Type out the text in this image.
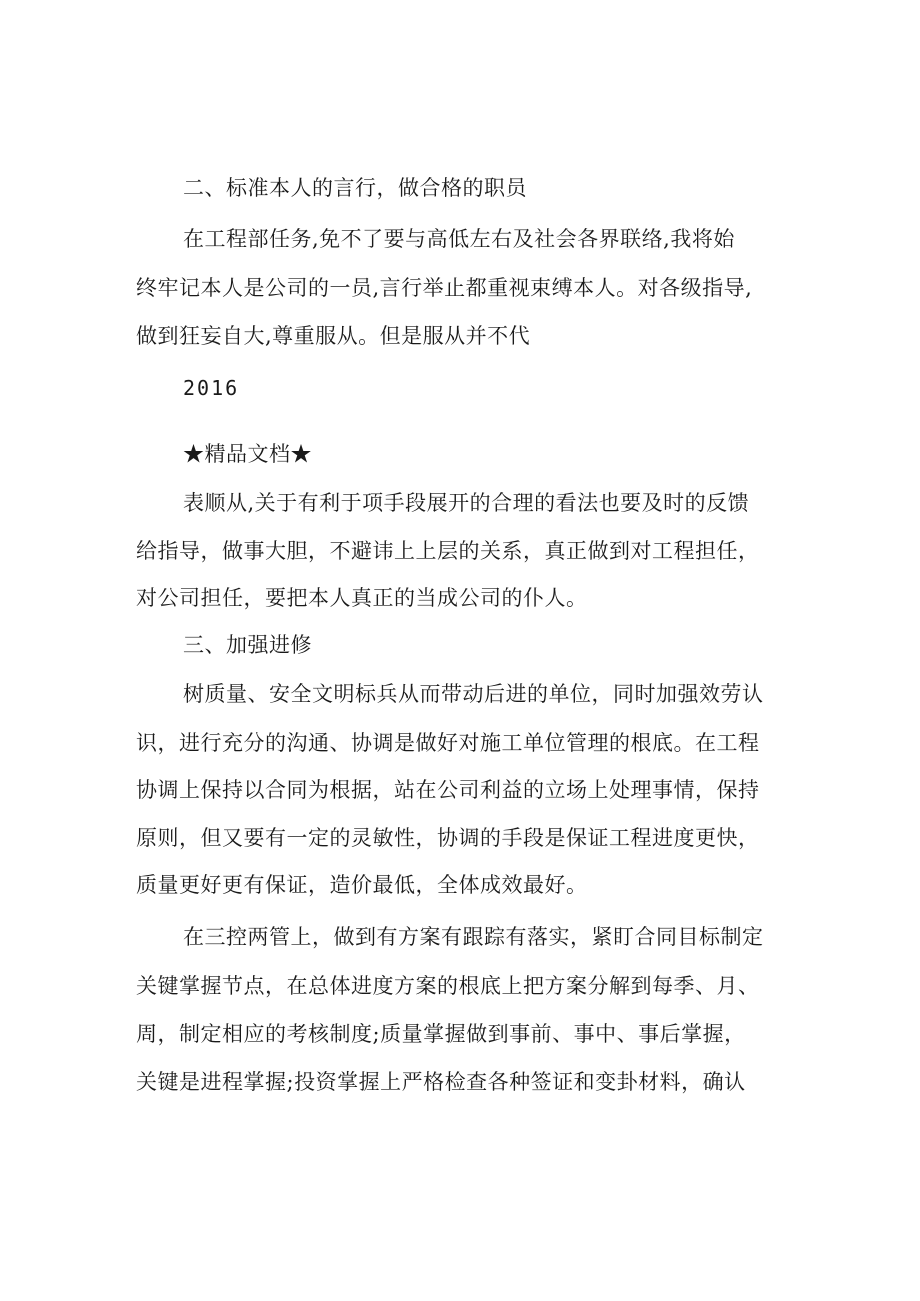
二、标准本人的言行，做合格的职员
在工程部任务,免不了要与高低左右及社会各界联络,我将始
终牢记本人是公司的一员,言行举止都重视束缚本人。对各级指导,
做到狂妄自大,尊重服从。但是服从并不代
2016
★精品文档★
表顺从,关于有利于项手段展开的合理的看法也要及时的反馈
给指导，做事大胆，不避讳上上层的关系，真正做到对工程担任，
对公司担任，要把本人真正的当成公司的仆人。
三、加强进修
树质量、安全文明标兵从而带动后进的单位，同时加强效劳认
识，进行充分的沟通、协调是做好对施工单位管理的根底。在工程
协调上保持以合同为根据，站在公司利益的立场上处理事情，保持
原则，但又要有一定的灵敏性，协调的手段是保证工程进度更快，
质量更好更有保证，造价最低，全体成效最好。
在三控两管上，做到有方案有跟踪有落实，紧盯合同目标制定
关键掌握节点，在总体进度方案的根底上把方案分解到每季、月、
周，制定相应的考核制度;质量掌握做到事前、事中、事后掌握，
关键是进程掌握;投资掌握上严格检查各种签证和变卦材料，确认
